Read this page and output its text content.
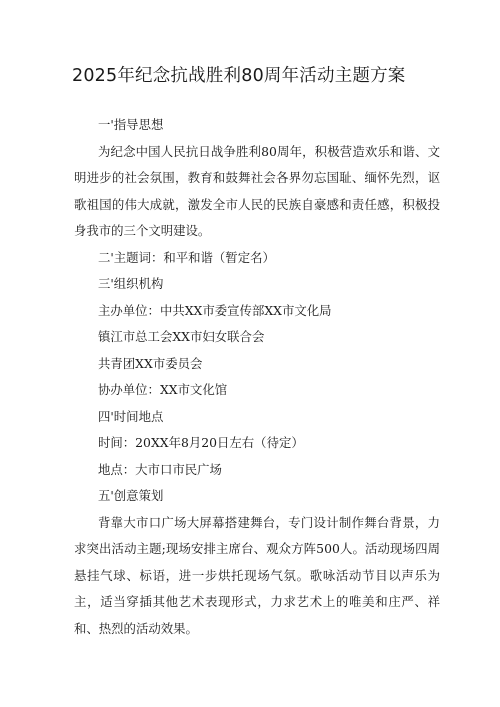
2025年纪念抗战胜利80周年活动主题方案

一'指导思想

为纪念中国人民抗日战争胜利80周年，积极营造欢乐和谐、文明进步的社会氛围，教育和鼓舞社会各界勿忘国耻、缅怀先烈，讴歌祖国的伟大成就，激发全市人民的民族自豪感和责任感，积极投身我市的三个文明建设。

二'主题词：和平和谐（暂定名）

三'组织机构

主办单位：中共XX市委宣传部XX市文化局

镇江市总工会XX市妇女联合会

共青团XX市委员会

协办单位：XX市文化馆

四'时间地点

时间：20XX年8月20日左右（待定）

地点：大市口市民广场

五'创意策划

背靠大市口广场大屏幕搭建舞台，专门设计制作舞台背景，力求突出活动主题;现场安排主席台、观众方阵500人。活动现场四周悬挂气球、标语，进一步烘托现场气氛。歌咏活动节目以声乐为主，适当穿插其他艺术表现形式，力求艺术上的唯美和庄严、祥和、热烈的活动效果。
